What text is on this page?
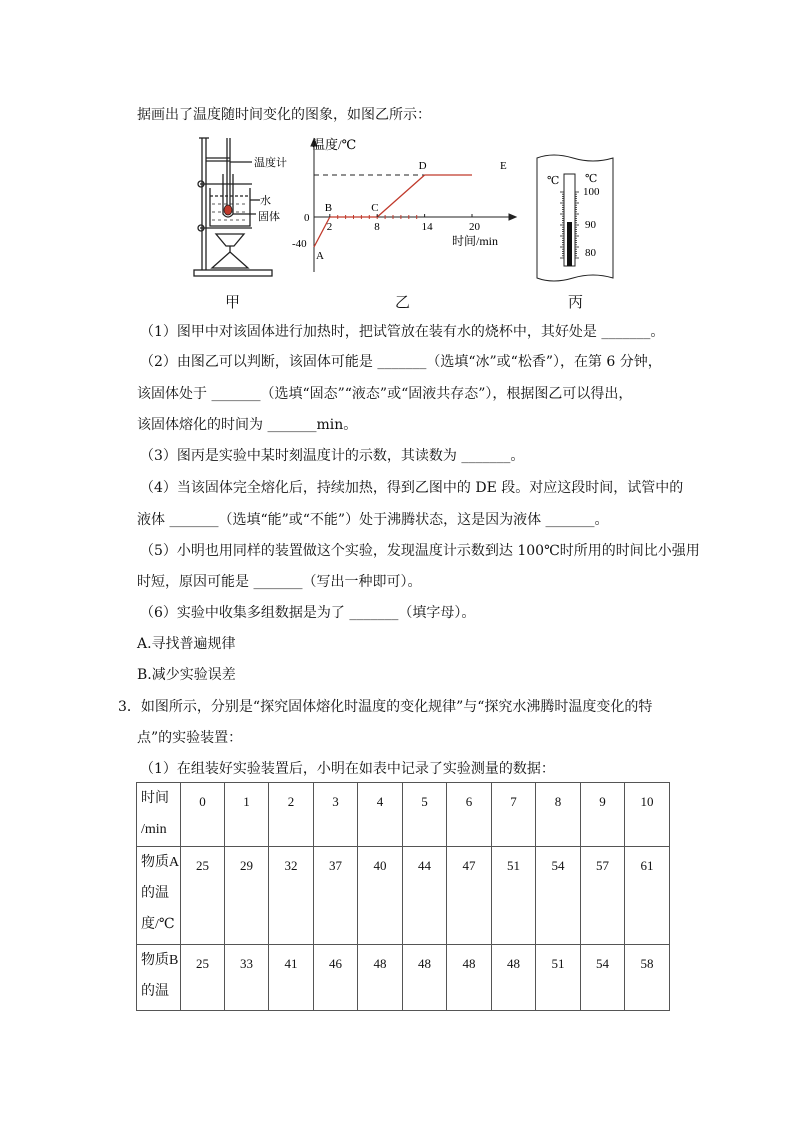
据画出了温度随时间变化的图象，如图乙所示：
温度计
水
固体
甲
温度/℃
时间/min
2	8	14	20
0
-40
A
B	C
D	E
乙
℃ ℃
100
90
80
丙
（1）图甲中对该固体进行加热时，把试管放在装有水的烧杯中，其好处是 _______。
（2）由图乙可以判断，该固体可能是 _______（选填“冰”或“松香”），在第 6 分钟，
该固体处于 _______（选填“固态”“液态”或“固液共存态”），根据图乙可以得出，
该固体熔化的时间为 _______min。
（3）图丙是实验中某时刻温度计的示数，其读数为 _______。
（4）当该固体完全熔化后，持续加热，得到乙图中的 DE 段。对应这段时间，试管中的
液体 _______（选填“能”或“不能”）处于沸腾状态，这是因为液体 _______。
（5）小明也用同样的装置做这个实验，发现温度计示数到达 100℃时所用的时间比小强用
时短，原因可能是 _______（写出一种即可）。
（6）实验中收集多组数据是为了 _______（填字母）。
A.寻找普遍规律
B.减少实验误差
3．如图所示，分别是“探究固体熔化时温度的变化规律”与“探究水沸腾时温度变化的特
点”的实验装置：
（1）在组装好实验装置后，小明在如表中记录了实验测量的数据：
时间
/min	0	1	2	3	4	5	6	7	8	9	10

物质A
的温
度/℃	25	29	32	37	40	44	47	51	54	57	61

物质B
的温	25	33	41	46	48	48	48	48	51	54	58
